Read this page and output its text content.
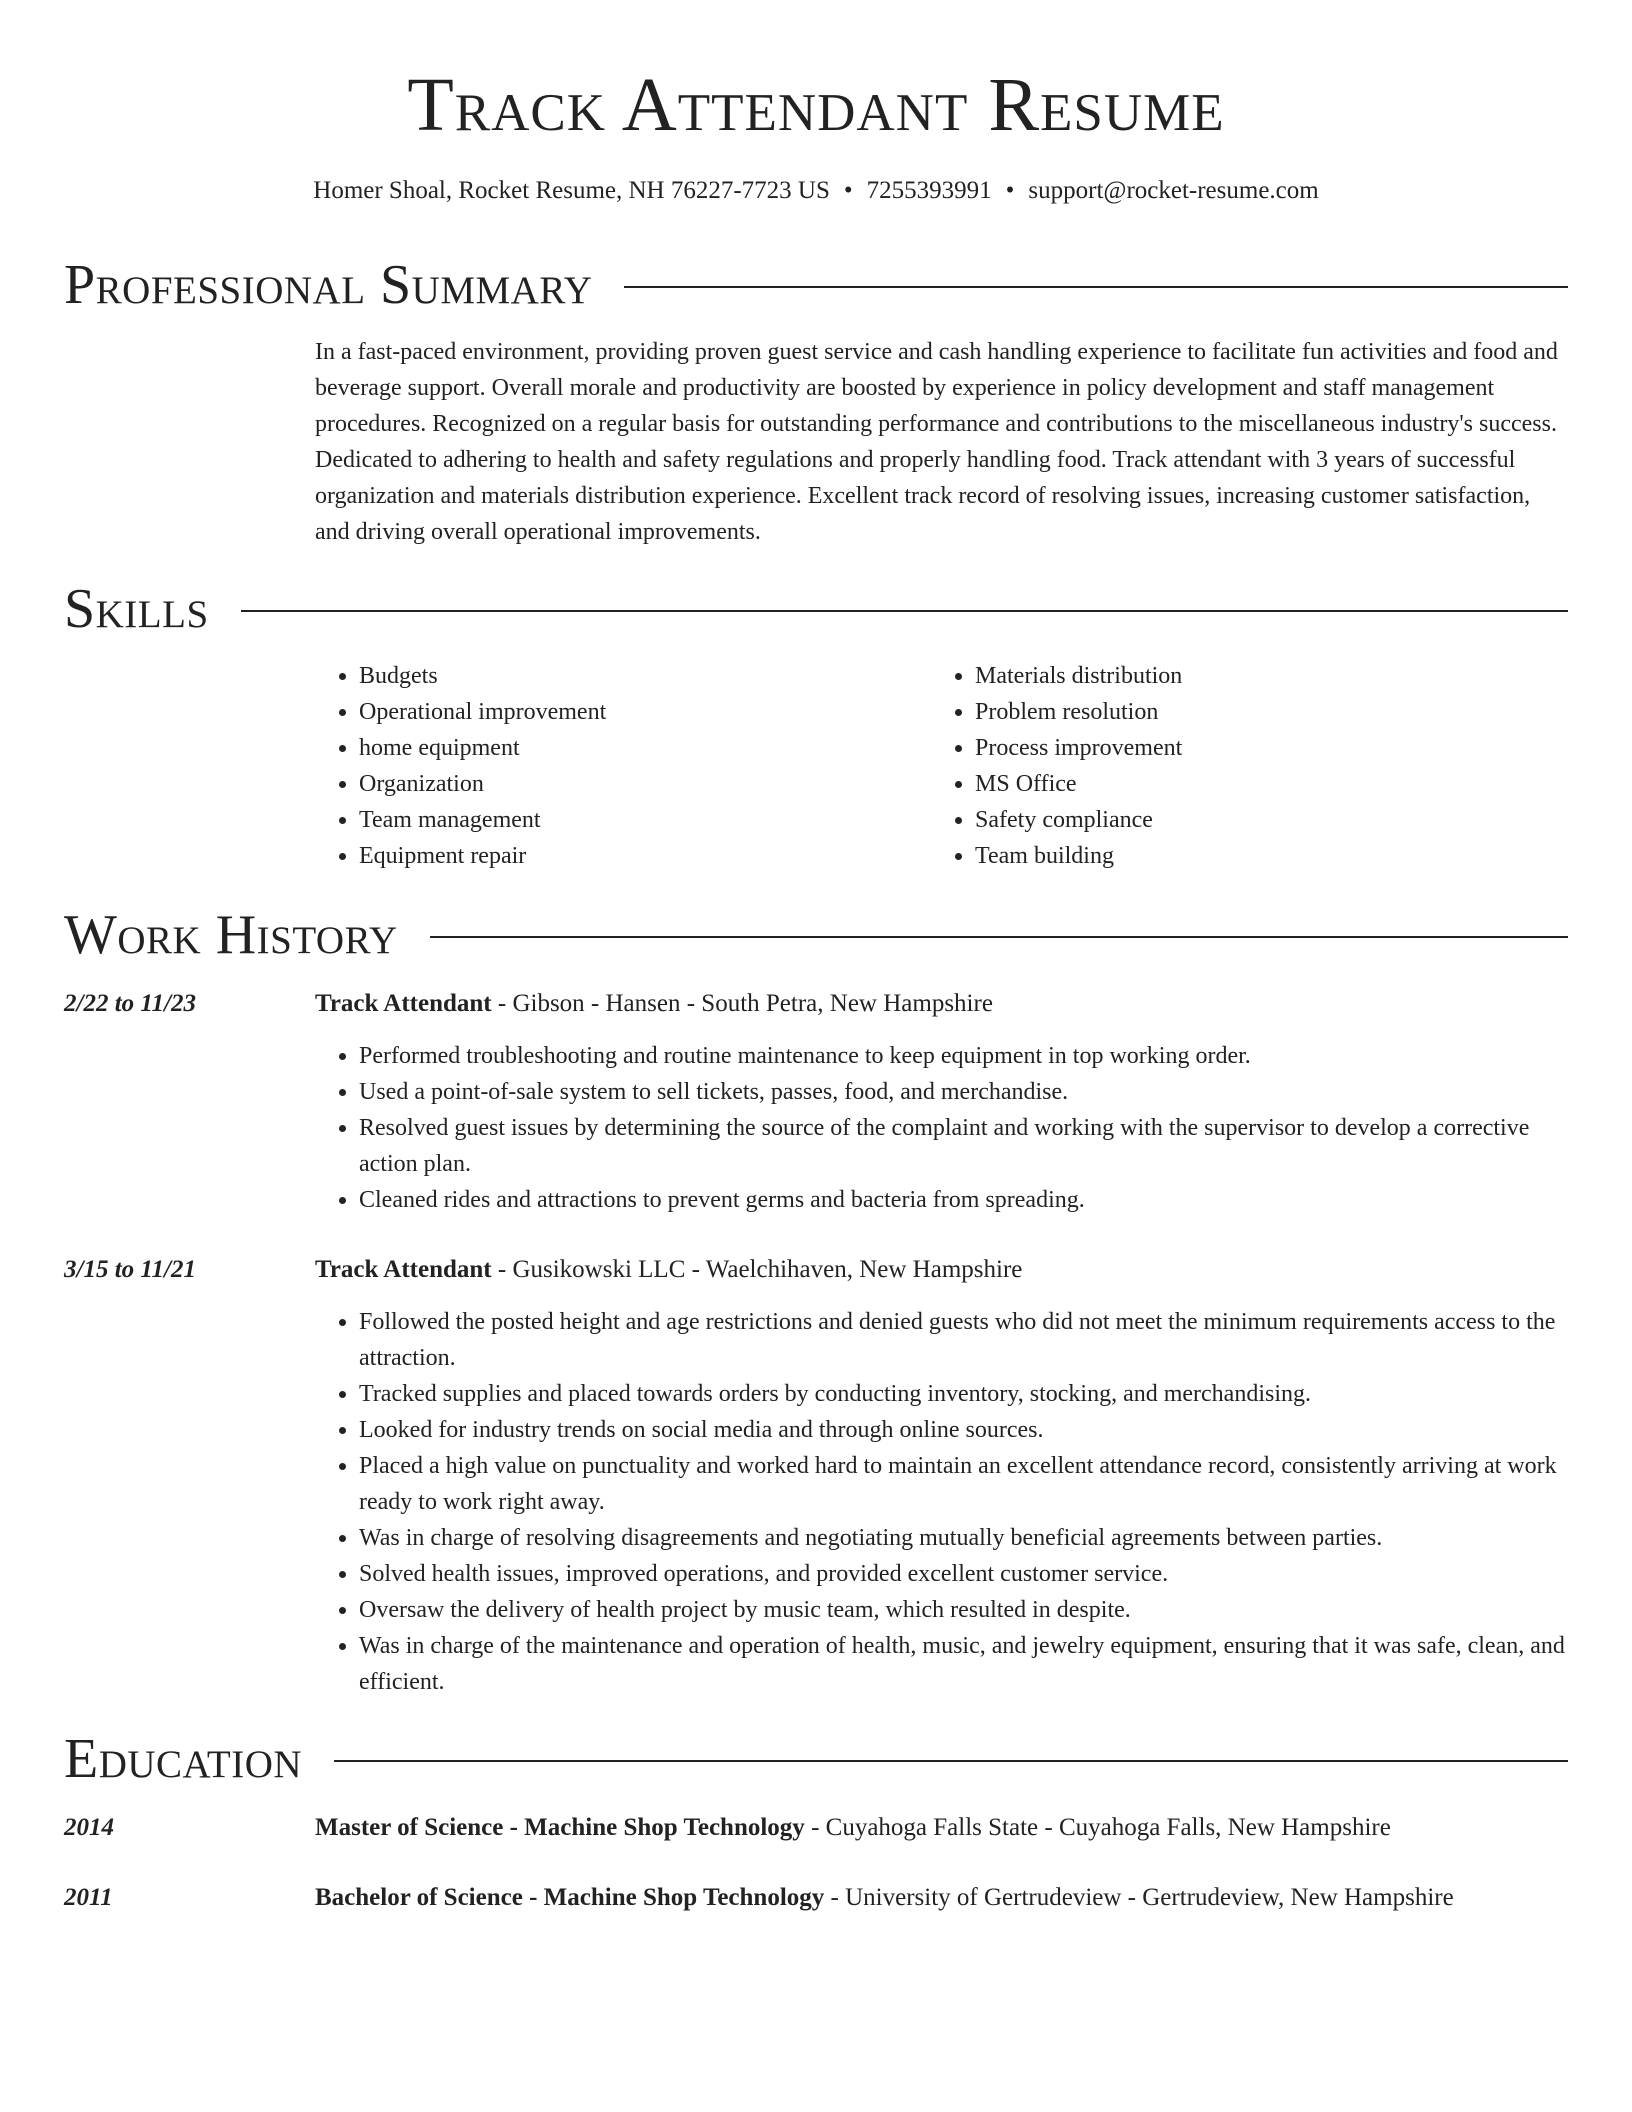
Track Attendant Resume
Homer Shoal, Rocket Resume, NH 76227-7723 US • 7255393991 • support@rocket-resume.com
Professional Summary

In a fast-paced environment, providing proven guest service and cash handling experience to facilitate fun activities and food and beverage support. Overall morale and productivity are boosted by experience in policy development and staff management procedures. Recognized on a regular basis for outstanding performance and contributions to the miscellaneous industry's success. Dedicated to adhering to health and safety regulations and properly handling food. Track attendant with 3 years of successful organization and materials distribution experience. Excellent track record of resolving issues, increasing customer satisfaction, and driving overall operational improvements.

Skills
• Budgets
• Operational improvement
• home equipment
• Organization
• Team management
• Equipment repair
• Materials distribution
• Problem resolution
• Process improvement
• MS Office
• Safety compliance
• Team building
Work History
2/22 to 11/23	Track Attendant - Gibson - Hansen - South Petra, New Hampshire
• Performed troubleshooting and routine maintenance to keep equipment in top working order.
• Used a point-of-sale system to sell tickets, passes, food, and merchandise.
• Resolved guest issues by determining the source of the complaint and working with the supervisor to develop a corrective action plan.
• Cleaned rides and attractions to prevent germs and bacteria from spreading.
3/15 to 11/21	Track Attendant - Gusikowski LLC - Waelchihaven, New Hampshire
• Followed the posted height and age restrictions and denied guests who did not meet the minimum requirements access to the attraction.
• Tracked supplies and placed towards orders by conducting inventory, stocking, and merchandising.
• Looked for industry trends on social media and through online sources.
• Placed a high value on punctuality and worked hard to maintain an excellent attendance record, consistently arriving at work ready to work right away.
• Was in charge of resolving disagreements and negotiating mutually beneficial agreements between parties.
• Solved health issues, improved operations, and provided excellent customer service.
• Oversaw the delivery of health project by music team, which resulted in despite.
• Was in charge of the maintenance and operation of health, music, and jewelry equipment, ensuring that it was safe, clean, and efficient.
Education
2014	Master of Science - Machine Shop Technology - Cuyahoga Falls State - Cuyahoga Falls, New Hampshire
2011	Bachelor of Science - Machine Shop Technology - University of Gertrudeview - Gertrudeview, New Hampshire
